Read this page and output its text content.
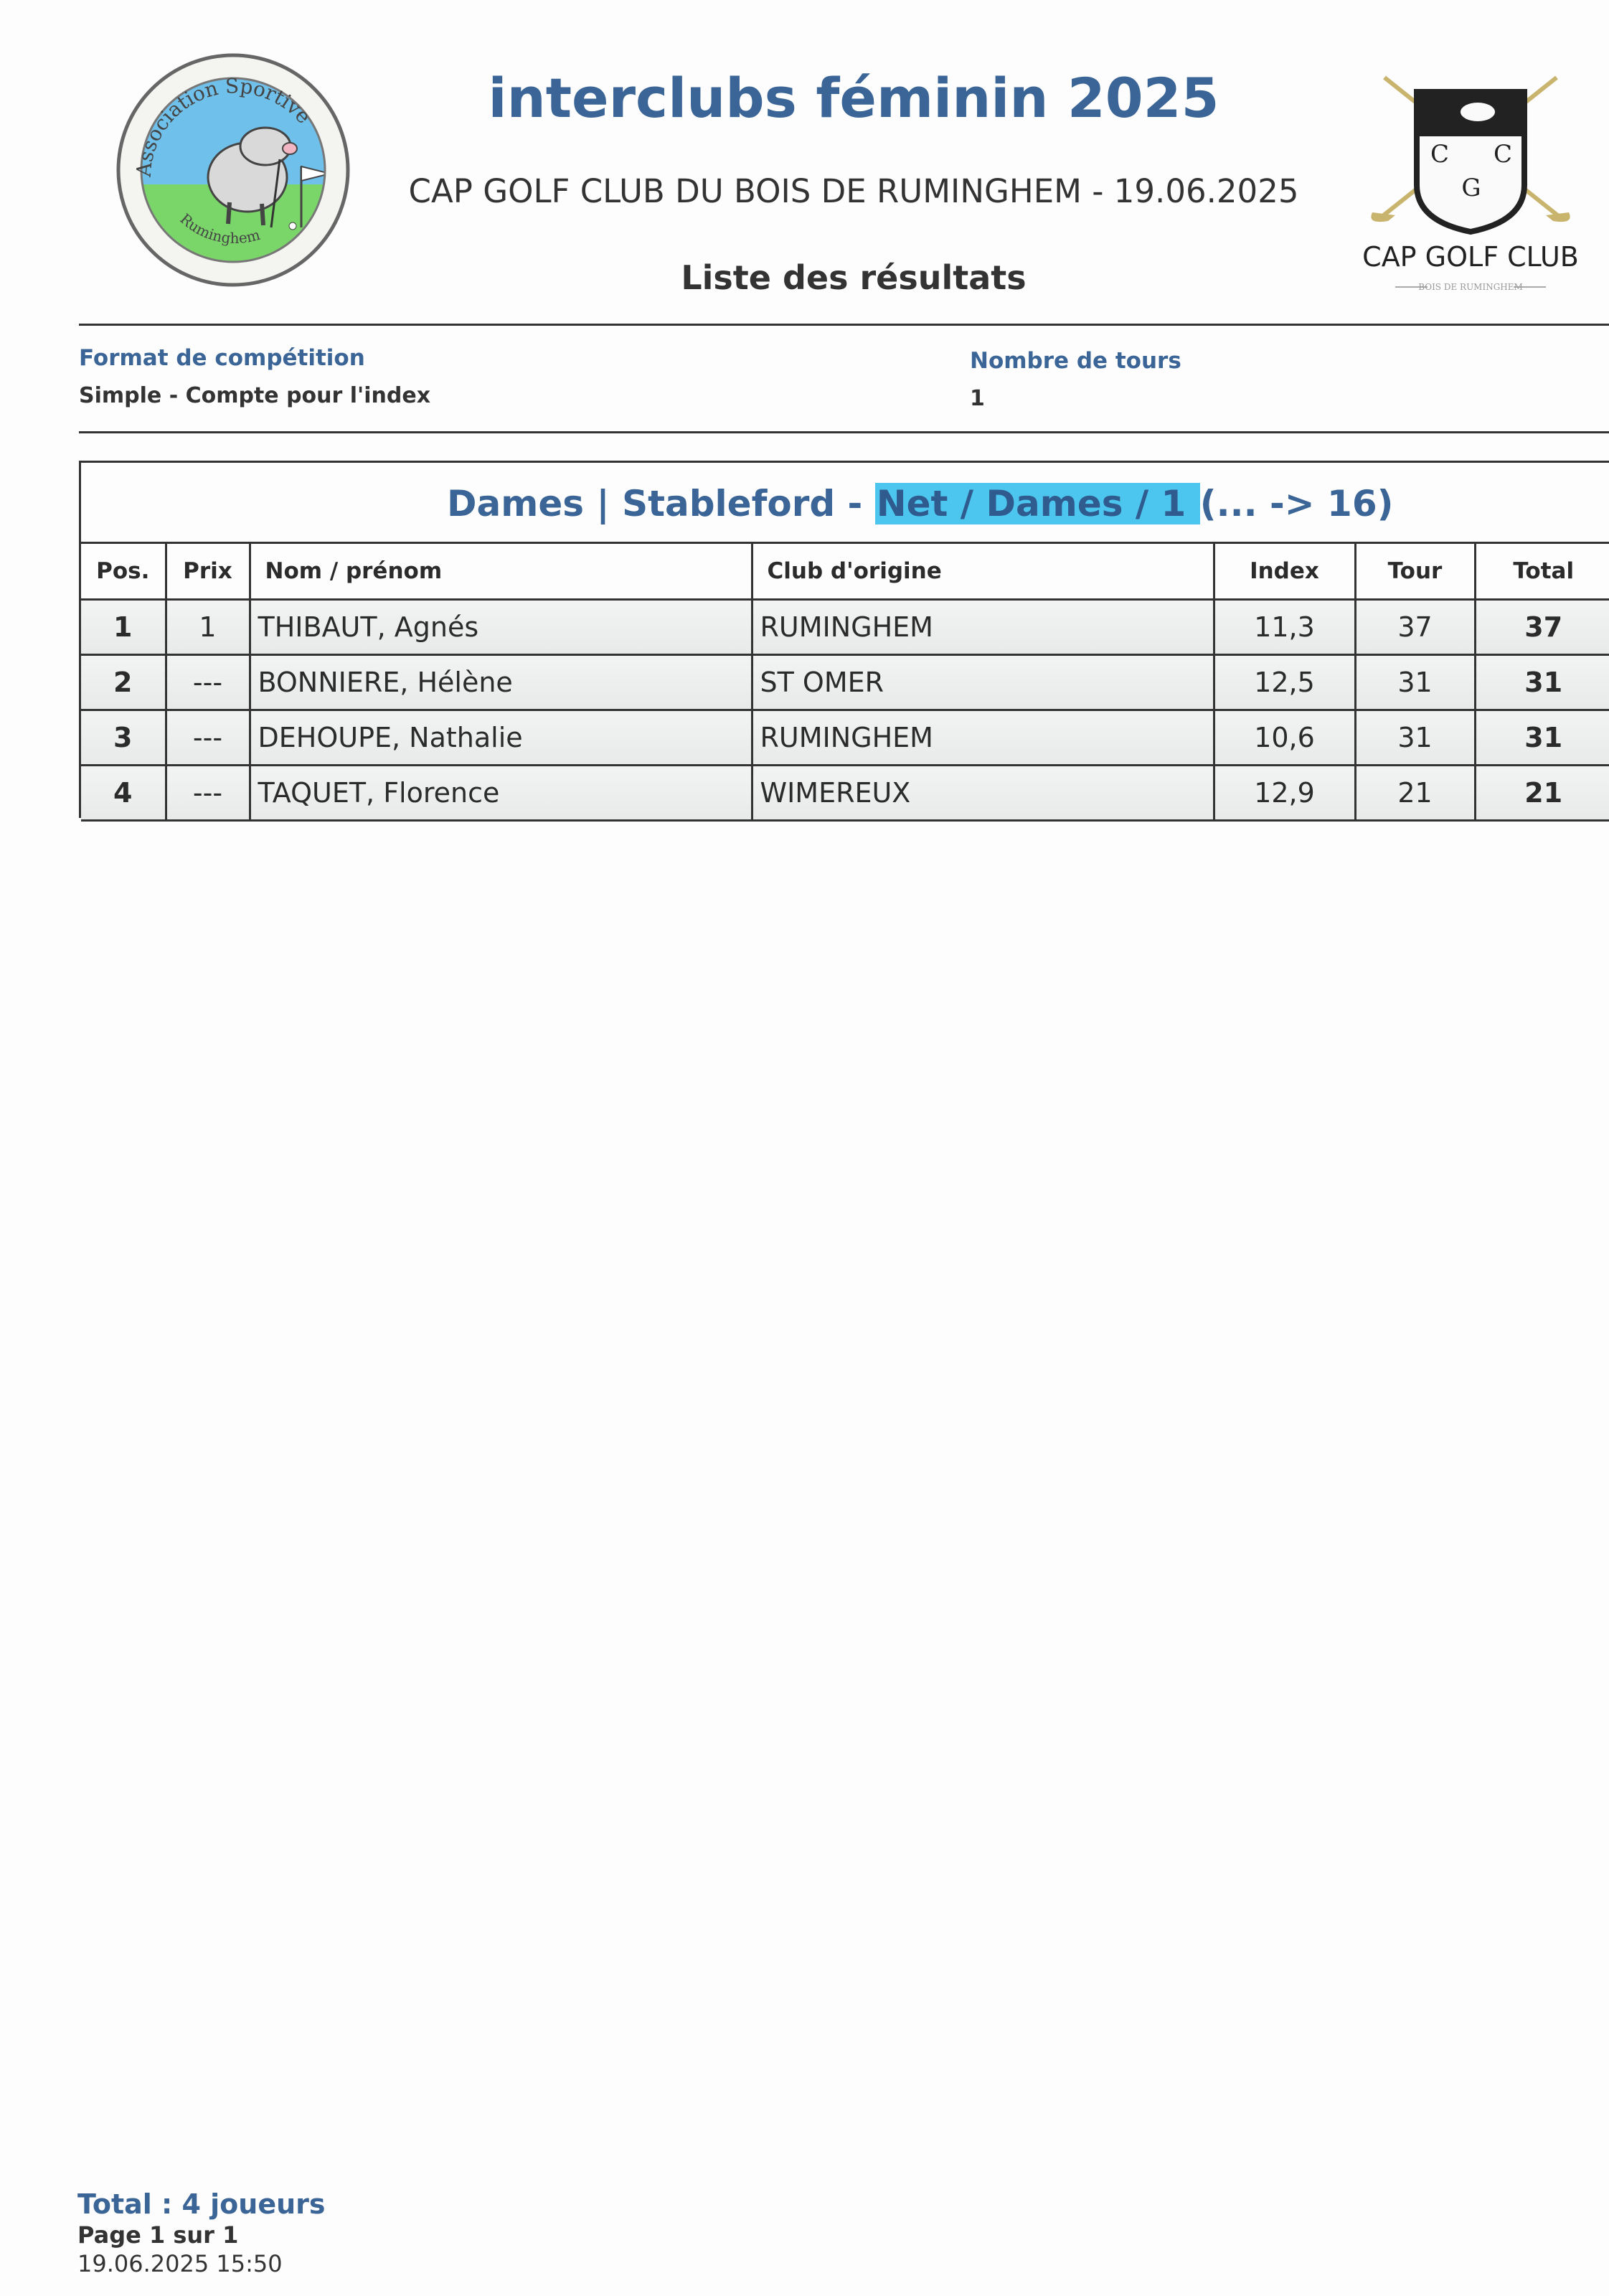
Association Sportive
Ruminghem
interclubs féminin 2025
CAP GOLF CLUB DU BOIS DE RUMINGHEM - 19.06.2025
Liste des résultats
C C
G
CAP GOLF CLUB
BOIS DE RUMINGHEM
Format de compétition
Simple - Compte pour l'index
Nombre de tours
1
Dames | Stableford - Net / Dames / 1 (... -> 16)
Pos.	Prix	Nom / prénom	Club d'origine	Index	Tour	Total
1	1	THIBAUT, Agnés	RUMINGHEM	11,3	37	37
2	---	BONNIERE, Hélène	ST OMER	12,5	31	31
3	---	DEHOUPE, Nathalie	RUMINGHEM	10,6	31	31
4	---	TAQUET, Florence	WIMEREUX	12,9	21	21
Total : 4 joueurs
Page 1 sur 1
19.06.2025 15:50
